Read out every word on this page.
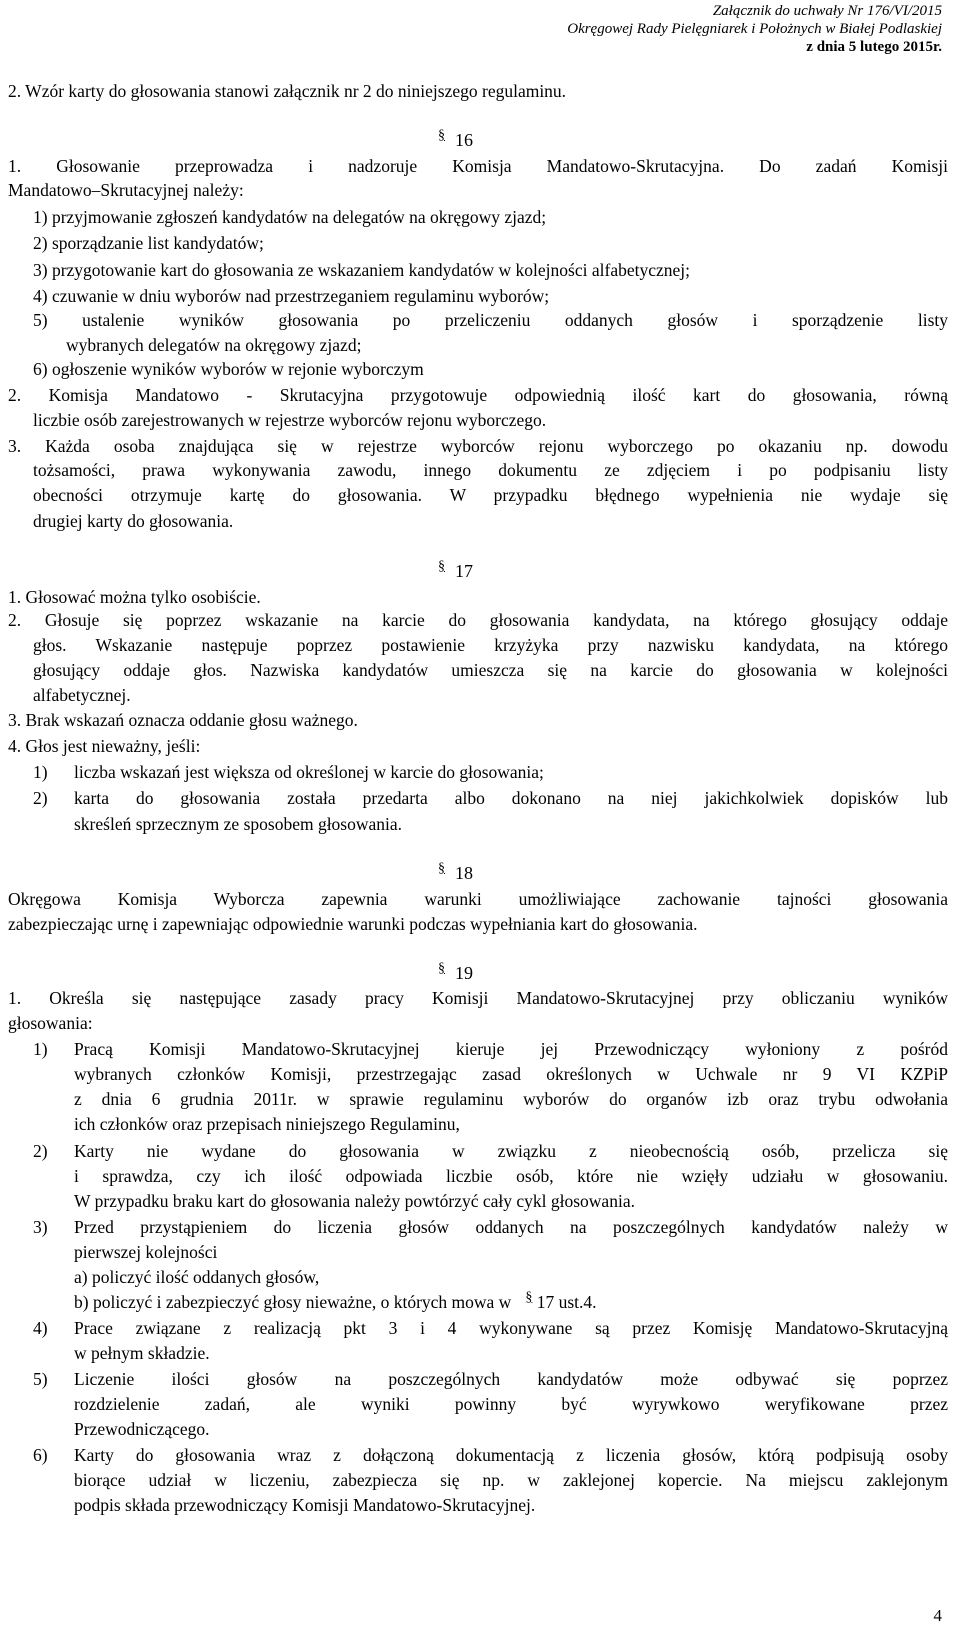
Załącznik do uchwały Nr 176/VI/2015
Okręgowej Rady Pielęgniarek i Położnych w Białej Podlaskiej
z dnia 5 lutego 2015r.
2. Wzór karty do głosowania stanowi załącznik nr 2 do niniejszego regulaminu.
§16
1. Głosowanie przeprowadza i nadzoruje Komisja Mandatowo-Skrutacyjna. Do zadań Komisji
Mandatowo–Skrutacyjnej należy:
1) przyjmowanie zgłoszeń kandydatów na delegatów na okręgowy zjazd;
2) sporządzanie list kandydatów;
3) przygotowanie kart do głosowania ze wskazaniem kandydatów w kolejności alfabetycznej;
4) czuwanie w dniu wyborów nad przestrzeganiem regulaminu wyborów;
5) ustalenie wyników głosowania po przeliczeniu oddanych głosów i sporządzenie listy
wybranych delegatów na okręgowy zjazd;
6) ogłoszenie wyników wyborów w rejonie wyborczym
2. Komisja Mandatowo - Skrutacyjna przygotowuje odpowiednią ilość kart do głosowania, równą
liczbie osób zarejestrowanych w rejestrze wyborców rejonu wyborczego.
3. Każda osoba znajdująca się w rejestrze wyborców rejonu wyborczego po okazaniu np. dowodu
tożsamości, prawa wykonywania zawodu, innego dokumentu ze zdjęciem i po podpisaniu listy
obecności otrzymuje kartę do głosowania. W przypadku błędnego wypełnienia nie wydaje się
drugiej karty do głosowania.
§17
1. Głosować można tylko osobiście.
2. Głosuje się poprzez wskazanie na karcie do głosowania kandydata, na którego głosujący oddaje
głos. Wskazanie następuje poprzez postawienie krzyżyka przy nazwisku kandydata, na którego
głosujący oddaje głos. Nazwiska kandydatów umieszcza się na karcie do głosowania w kolejności
alfabetycznej.
3. Brak wskazań oznacza oddanie głosu ważnego.
4. Głos jest nieważny, jeśli:
1)	liczba wskazań jest większa od określonej w karcie do głosowania;
2)	karta do głosowania została przedarta albo dokonano na niej jakichkolwiek dopisków lub
skreśleń sprzecznym ze sposobem głosowania.
§18
Okręgowa Komisja Wyborcza zapewnia warunki umożliwiające zachowanie tajności głosowania
zabezpieczając urnę i zapewniając odpowiednie warunki podczas wypełniania kart do głosowania.
§19
1. Określa się następujące zasady pracy Komisji Mandatowo-Skrutacyjnej przy obliczaniu wyników
głosowania:
1)	Pracą Komisji Mandatowo-Skrutacyjnej kieruje jej Przewodniczący wyłoniony z pośród
wybranych członków Komisji, przestrzegając zasad określonych w Uchwale nr 9 VI KZPiP
z dnia 6 grudnia 2011r. w sprawie regulaminu wyborów do organów izb oraz trybu odwołania
ich członków oraz przepisach niniejszego Regulaminu,
2)	Karty nie wydane do głosowania w związku z nieobecnością osób, przelicza się
i sprawdza, czy ich ilość odpowiada liczbie osób, które nie wzięły udziału w głosowaniu.
W przypadku braku kart do głosowania należy powtórzyć cały cykl głosowania.
3)	Przed przystąpieniem do liczenia głosów oddanych na poszczególnych kandydatów należy w
pierwszej kolejności
a) policzyć ilość oddanych głosów,
b) policzyć i zabezpieczyć głosy nieważne, o których mowa w § 17 ust.4.
4)	Prace związane z realizacją pkt 3 i 4 wykonywane są przez Komisję Mandatowo-Skrutacyjną
w pełnym składzie.
5)	Liczenie ilości głosów na poszczególnych kandydatów może odbywać się poprzez
rozdzielenie zadań, ale wyniki powinny być wyrywkowo weryfikowane przez
Przewodniczącego.
6)	Karty do głosowania wraz z dołączoną dokumentacją z liczenia głosów, którą podpisują osoby
biorące udział w liczeniu, zabezpiecza się np. w zaklejonej kopercie. Na miejscu zaklejonym
podpis składa przewodniczący Komisji Mandatowo-Skrutacyjnej.
4
